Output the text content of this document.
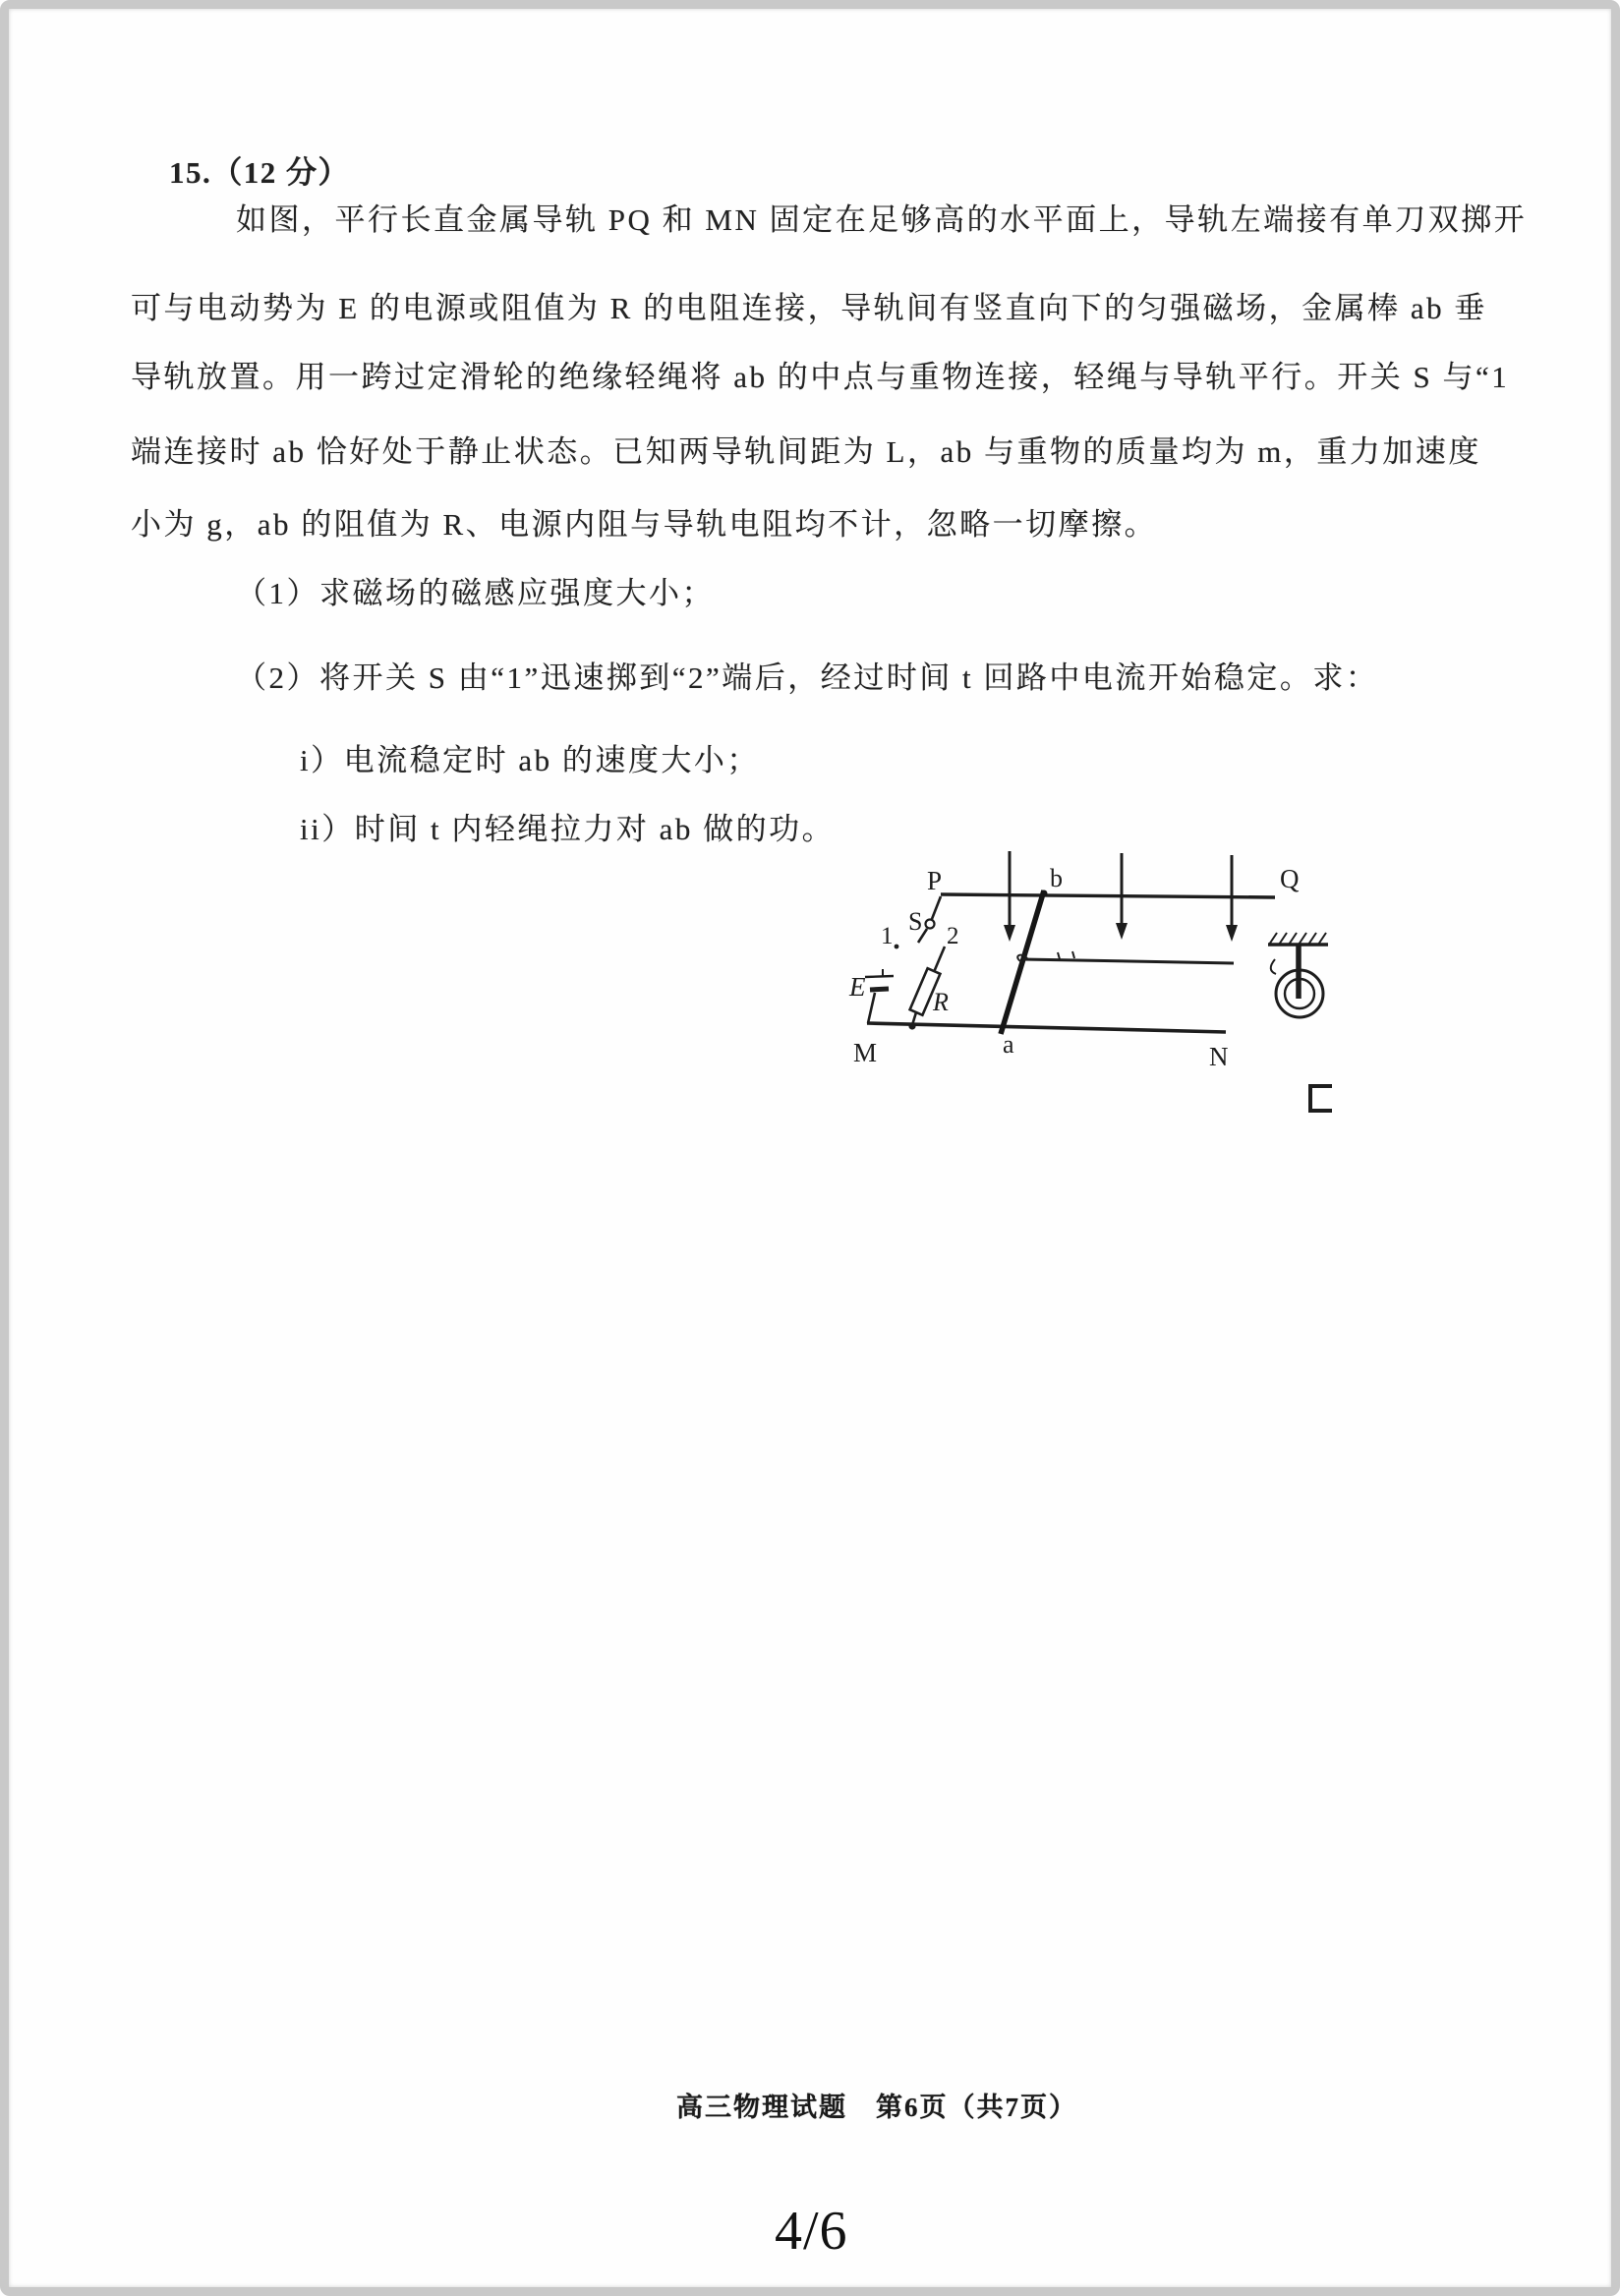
15.（12 分）
如图，平行长直金属导轨 PQ 和 MN 固定在足够高的水平面上，导轨左端接有单刀双掷开
可与电动势为 E 的电源或阻值为 R 的电阻连接，导轨间有竖直向下的匀强磁场，金属棒 ab 垂
导轨放置。用一跨过定滑轮的绝缘轻绳将 ab 的中点与重物连接，轻绳与导轨平行。开关 S 与“1
端连接时 ab 恰好处于静止状态。已知两导轨间距为 L，ab 与重物的质量均为 m，重力加速度
小为 g，ab 的阻值为 R、电源内阻与导轨电阻均不计，忽略一切摩擦。
（1）求磁场的磁感应强度大小；
（2）将开关 S 由“1”迅速掷到“2”端后，经过时间 t 回路中电流开始稳定。求：
i）电流稳定时 ab 的速度大小；
ii）时间 t 内轻绳拉力对 ab 做的功。
P	Q
b
a
M	N
S
1 2
E
R
高三物理试题　第6页（共7页）
4/6
